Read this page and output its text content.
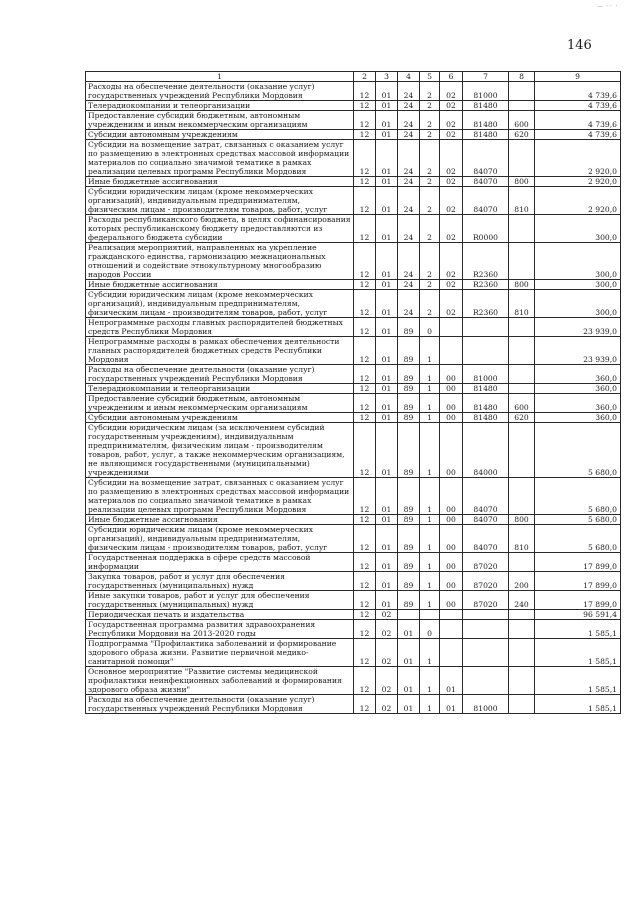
— ·· ·
146
1	2	3	4	5	6	7	8	9
Расходы на обеспечение деятельности (оказание услуг) государственных учреждений Республики Мордовия	12	01	24	2	02	81000		4 739,6
Телерадиокомпании и телеорганизации	12	01	24	2	02	81480		4 739,6
Предоставление субсидий бюджетным, автономным учреждениям и иным некоммерческим организациям	12	01	24	2	02	81480	600	4 739,6
Субсидии автономным учреждениям	12	01	24	2	02	81480	620	4 739,6
Субсидии на возмещение затрат, связанных с оказанием услуг по размещению в электронных средствах массовой информации материалов по социально значимой тематике в рамках реализации целевых программ Республики Мордовия	12	01	24	2	02	84070		2 920,0
Иные бюджетные ассигнования	12	01	24	2	02	84070	800	2 920,0
Субсидии юридическим лицам (кроме некоммерческих организаций), индивидуальным предпринимателям, физическим лицам - производителям товаров, работ, услуг	12	01	24	2	02	84070	810	2 920,0
Расходы республиканского бюджета, в целях софинансирования которых республиканскому бюджету предоставляются из федерального бюджета субсидии	12	01	24	2	02	R0000		300,0
Реализация мероприятий, направленных на укрепление гражданского единства, гармонизацию межнациональных отношений и содействие этнокультурному многообразию народов России	12	01	24	2	02	R2360		300,0
Иные бюджетные ассигнования	12	01	24	2	02	R2360	800	300,0
Субсидии юридическим лицам (кроме некоммерческих организаций), индивидуальным предпринимателям, физическим лицам - производителям товаров, работ, услуг	12	01	24	2	02	R2360	810	300,0
Непрограммные расходы главных распорядителей бюджетных средств Республики Мордовия	12	01	89	0				23 939,0
Непрограммные расходы в рамках обеспечения деятельности главных распорядителей бюджетных средств Республики Мордовия	12	01	89	1				23 939,0
Расходы на обеспечение деятельности (оказание услуг) государственных учреждений Республики Мордовия	12	01	89	1	00	81000		360,0
Телерадиокомпании и телеорганизации	12	01	89	1	00	81480		360,0
Предоставление субсидий бюджетным, автономным учреждениям и иным некоммерческим организациям	12	01	89	1	00	81480	600	360,0
Субсидии автономным учреждениям	12	01	89	1	00	81480	620	360,0
Субсидии юридическим лицам (за исключением субсидий государственным учреждениям), индивидуальным предпринимателям, физическим лицам - производителям товаров, работ, услуг, а также некоммерческим организациям, не являющимся государственными (муниципальными) учреждениями	12	01	89	1	00	84000		5 680,0
Субсидии на возмещение затрат, связанных с оказанием услуг по размещению в электронных средствах массовой информации материалов по социально значимой тематике в рамках реализации целевых программ Республики Мордовия	12	01	89	1	00	84070		5 680,0
Иные бюджетные ассигнования	12	01	89	1	00	84070	800	5 680,0
Субсидии юридическим лицам (кроме некоммерческих организаций), индивидуальным предпринимателям, физическим лицам - производителям товаров, работ, услуг	12	01	89	1	00	84070	810	5 680,0
Государственная поддержка в сфере средств массовой информации	12	01	89	1	00	87020		17 899,0
Закупка товаров, работ и услуг для обеспечения государственных (муниципальных) нужд	12	01	89	1	00	87020	200	17 899,0
Иные закупки товаров, работ и услуг для обеспечения государственных (муниципальных) нужд	12	01	89	1	00	87020	240	17 899,0
Периодическая печать и издательства	12	02						96 591,4
Государственная программа развития здравоохранения Республики Мордовия на 2013-2020 годы	12	02	01	0				1 585,1
Подпрограмма "Профилактика заболеваний и формирование здорового образа жизни. Развитие первичной медико-санитарной помощи"	12	02	01	1				1 585,1
Основное мероприятие "Развитие системы медицинской профилактики неинфекционных заболеваний и формирования здорового образа жизни"	12	02	01	1	01			1 585,1
Расходы на обеспечение деятельности (оказание услуг) государственных учреждений Республики Мордовия	12	02	01	1	01	81000		1 585,1
